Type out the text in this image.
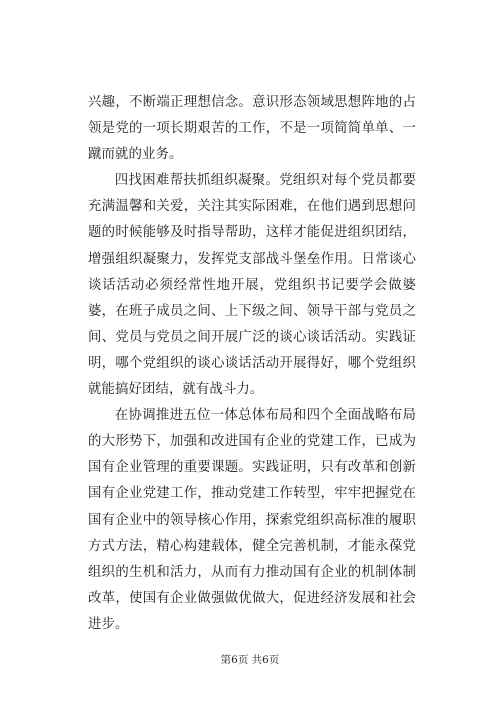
兴趣，不断端正理想信念。意识形态领域思想阵地的占领是党的一项长期艰苦的工作，不是一项简简单单、一蹴而就的业务。

四找困难帮扶抓组织凝聚。党组织对每个党员都要充满温馨和关爱，关注其实际困难，在他们遇到思想问题的时候能够及时指导帮助，这样才能促进组织团结，增强组织凝聚力，发挥党支部战斗堡垒作用。日常谈心谈话活动必须经常性地开展，党组织书记要学会做婆婆，在班子成员之间、上下级之间、领导干部与党员之间、党员与党员之间开展广泛的谈心谈话活动。实践证明，哪个党组织的谈心谈话活动开展得好，哪个党组织就能搞好团结，就有战斗力。

在协调推进五位一体总体布局和四个全面战略布局的大形势下，加强和改进国有企业的党建工作，已成为国有企业管理的重要课题。实践证明，只有改革和创新国有企业党建工作，推动党建工作转型，牢牢把握党在国有企业中的领导核心作用，探索党组织高标准的履职方式方法，精心构建载体，健全完善机制，才能永葆党组织的生机和活力，从而有力推动国有企业的机制体制改革，使国有企业做强做优做大，促进经济发展和社会进步。

第6页 共6页
